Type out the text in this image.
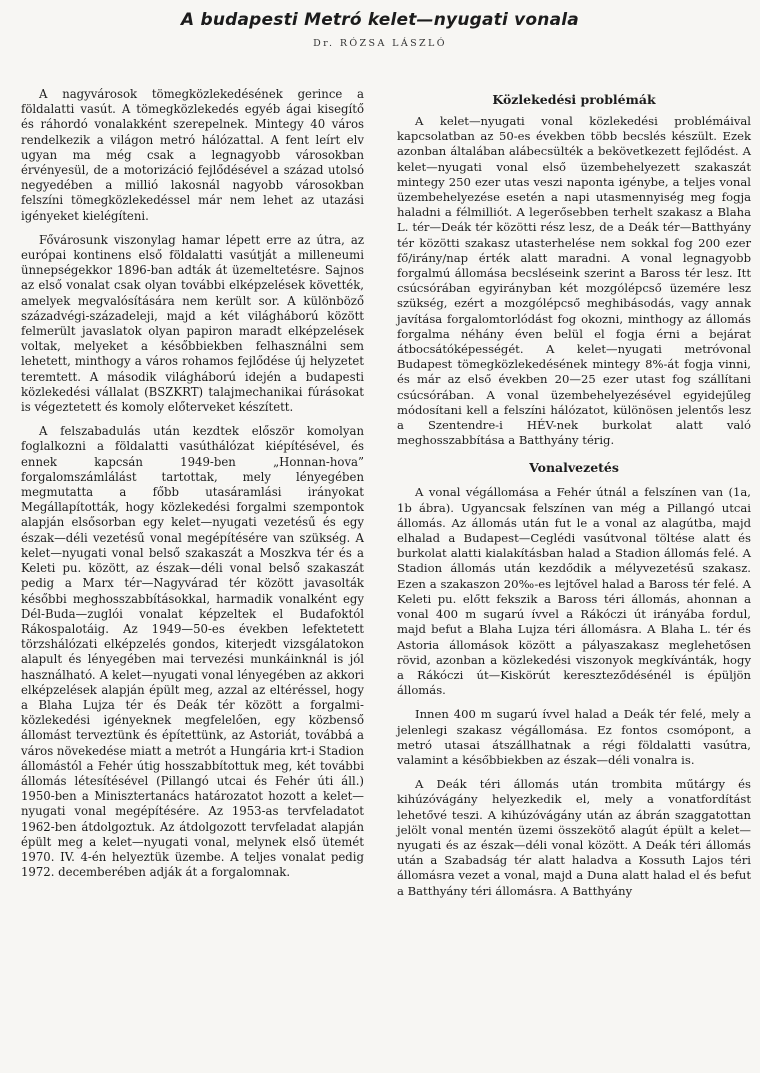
A budapesti Metró kelet—nyugati vonala
Dr. RÓZSA LÁSZLÓ

A nagyvárosok tömegközlekedésének gerince a földalatti vasút. A tömegközlekedés egyéb ágai kisegítő és ráhordó vonalakként szerepelnek. Mintegy 40 város rendelkezik a világon metró hálózattal. A fent leírt elv ugyan ma még csak a legnagyobb városokban érvényesül, de a motorizáció fejlődésével a század utolsó negyedében a millió lakosnál nagyobb városokban felszíni tömegközlekedéssel már nem lehet az utazási igényeket kielégíteni.

Fővárosunk viszonylag hamar lépett erre az útra, az európai kontinens első földalatti vasútját a milleneumi ünnepségekkor 1896-ban adták át üzemeltetésre. Sajnos az első vonalat csak olyan további elképzelések követték, amelyek megvalósítására nem került sor. A különböző századvégi-századeleji, majd a két világháború között felmerült javaslatok olyan papiron maradt elképzelések voltak, melyeket a későbbiekben felhasználni sem lehetett, minthogy a város rohamos fejlődése új helyzetet teremtett. A második világháború idején a budapesti közlekedési vállalat (BSZKRT) talajmechanikai fúrásokat is végeztetett és komoly előterveket készített.

A felszabadulás után kezdtek először komolyan foglalkozni a földalatti vasúthálózat kiépítésével, és ennek kapcsán 1949-ben „Honnan-hova” forgalomszámlálást tartottak, mely lényegében megmutatta a főbb utasáramlási irányokat Megállapították, hogy közlekedési forgalmi szempontok alapján elsősorban egy kelet—nyugati vezetésű és egy észak—déli vezetésű vonal megépítésére van szükség. A kelet—nyugati vonal belső szakaszát a Moszkva tér és a Keleti pu. között, az észak—déli vonal belső szakaszát pedig a Marx tér—Nagyvárad tér között javasolták későbbi meghosszabbításokkal, harmadik vonalként egy Dél-Buda—zuglói vonalat képzeltek el Budafoktól Rákospalotáig. Az 1949—50-es években lefektetett törzshálózati elképzelés gondos, kiterjedt vizsgálatokon alapult és lényegében mai tervezési munkáinknál is jól használható. A kelet—nyugati vonal lényegében az akkori elképzelések alapján épült meg, azzal az eltéréssel, hogy a Blaha Lujza tér és Deák tér között a forgalmi-közlekedési igényeknek megfelelően, egy közbenső állomást terveztünk és építettünk, az Astoriát, továbbá a város növekedése miatt a metrót a Hungária krt-i Stadion állomástól a Fehér útig hosszabbítottuk meg, két további állomás létesítésével (Pillangó utcai és Fehér úti áll.) 1950-ben a Minisztertanács határozatot hozott a kelet—nyugati vonal megépítésére. Az 1953-as tervfeladatot 1962-ben átdolgoztuk. Az átdolgozott tervfeladat alapján épült meg a kelet—nyugati vonal, melynek első ütemét 1970. IV. 4-én helyeztük üzembe. A teljes vonalat pedig 1972. decemberében adják át a forgalomnak.

Közlekedési problémák

A kelet—nyugati vonal közlekedési problémáival kapcsolatban az 50-es években több becslés készült. Ezek azonban általában alábecsülték a bekövetkezett fejlődést. A kelet—nyugati vonal első üzembehelyezett szakaszát mintegy 250 ezer utas veszi naponta igénybe, a teljes vonal üzembehelyezése esetén a napi utasmennyiség meg fogja haladni a félmilliót. A legerősebben terhelt szakasz a Blaha L. tér—Deák tér közötti rész lesz, de a Deák tér—Batthyány tér közötti szakasz utasterhelése nem sokkal fog 200 ezer fő/irány/nap érték alatt maradni. A vonal legnagyobb forgalmú állomása becsléseink szerint a Baross tér lesz. Itt csúcsórában egyirányban két mozgólépcső üzemére lesz szükség, ezért a mozgólépcső meghibásodás, vagy annak javítása forgalomtorlódást fog okozni, minthogy az állomás forgalma néhány éven belül el fogja érni a bejárat átbocsátóképességét. A kelet—nyugati metróvonal Budapest tömegközlekedésének mintegy 8%-át fogja vinni, és már az első években 20—25 ezer utast fog szállítani csúcsórában. A vonal üzembehelyezésével egyidejűleg módosítani kell a felszíni hálózatot, különösen jelentős lesz a Szentendre-i HÉV-nek burkolat alatt való meghosszabbítása a Batthyány térig.

Vonalvezetés

A vonal végállomása a Fehér útnál a felszínen van (1a, 1b ábra). Ugyancsak felszínen van még a Pillangó utcai állomás. Az állomás után fut le a vonal az alagútba, majd elhalad a Budapest—Ceglédi vasútvonal töltése alatt és burkolat alatti kialakításban halad a Stadion állomás felé. A Stadion állomás után kezdődik a mélyvezetésű szakasz. Ezen a szakaszon 20‰-es lejtővel halad a Baross tér felé. A Keleti pu. előtt fekszik a Baross téri állomás, ahonnan a vonal 400 m sugarú ívvel a Rákóczi út irányába fordul, majd befut a Blaha Lujza téri állomásra. A Blaha L. tér és Astoria állomások között a pályaszakasz meglehetősen rövid, azonban a közlekedési viszonyok megkívánták, hogy a Rákóczi út—Kiskörút kereszteződésénél is épüljön állomás.

Innen 400 m sugarú ívvel halad a Deák tér felé, mely a jelenlegi szakasz végállomása. Ez fontos csomópont, a metró utasai átszállhatnak a régi földalatti vasútra, valamint a későbbiekben az észak—déli vonalra is.

A Deák téri állomás után trombita műtárgy és kihúzóvágány helyezkedik el, mely a vonatfordítást lehetővé teszi. A kihúzóvágány után az ábrán szaggatottan jelölt vonal mentén üzemi összekötő alagút épült a kelet—nyugati és az észak—déli vonal között. A Deák téri állomás után a Szabadság tér alatt haladva a Kossuth Lajos téri állomásra vezet a vonal, majd a Duna alatt halad el és befut a Batthyány téri állomásra. A Batthyány
